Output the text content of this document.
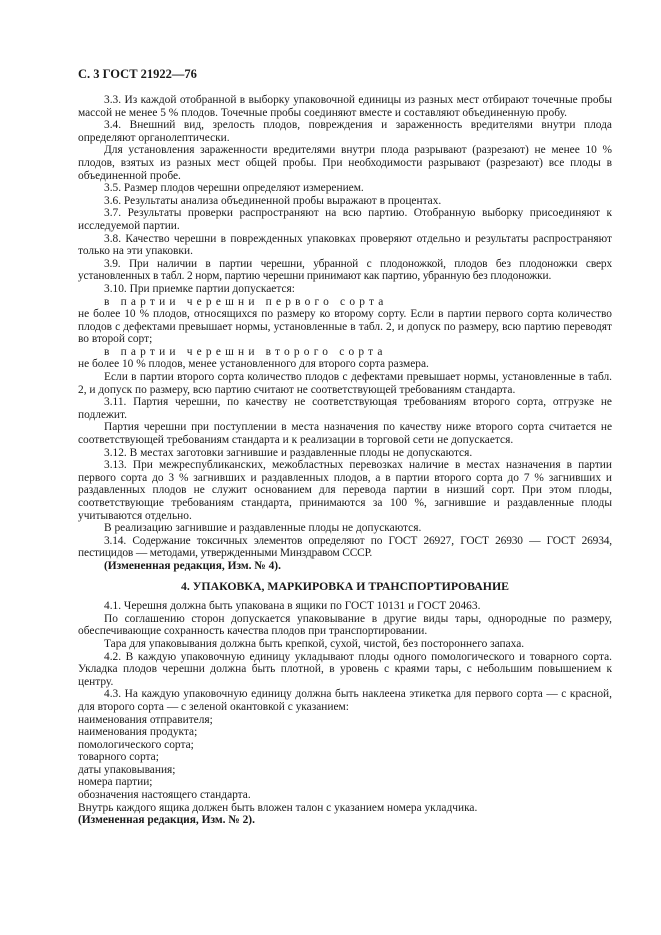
С. 3 ГОСТ 21922—76

3.3. Из каждой отобранной в выборку упаковочной единицы из разных мест отбирают точечные пробы массой не менее 5 % плодов. Точечные пробы соединяют вместе и составляют объединенную пробу.

3.4. Внешний вид, зрелость плодов, повреждения и зараженность вредителями внутри плода определяют органолептически.

Для установления зараженности вредителями внутри плода разрывают (разрезают) не менее 10 % плодов, взятых из разных мест общей пробы. При необходимости разрывают (разрезают) все плоды в объединенной пробе.

3.5. Размер плодов черешни определяют измерением.

3.6. Результаты анализа объединенной пробы выражают в процентах.

3.7. Результаты проверки распространяют на всю партию. Отобранную выборку присоединяют к исследуемой партии.

3.8. Качество черешни в поврежденных упаковках проверяют отдельно и результаты распространяют только на эти упаковки.

3.9. При наличии в партии черешни, убранной с плодоножкой, плодов без плодоножки сверх установленных в табл. 2 норм, партию черешни принимают как партию, убранную без плодоножки.

3.10. При приемке партии допускается:

в партии черешни первого сорта

не более 10 % плодов, относящихся по размеру ко второму сорту. Если в партии первого сорта количество плодов с дефектами превышает нормы, установленные в табл. 2, и допуск по размеру, всю партию переводят во второй сорт;

в партии черешни второго сорта

не более 10 % плодов, менее установленного для второго сорта размера.

Если в партии второго сорта количество плодов с дефектами превышает нормы, установленные в табл. 2, и допуск по размеру, всю партию считают не соответствующей требованиям стандарта.

3.11. Партия черешни, по качеству не соответствующая требованиям второго сорта, отгрузке не подлежит.

Партия черешни при поступлении в места назначения по качеству ниже второго сорта считается не соответствующей требованиям стандарта и к реализации в торговой сети не допускается.

3.12. В местах заготовки загнившие и раздавленные плоды не допускаются.

3.13. При межреспубликанских, межобластных перевозках наличие в местах назначения в партии первого сорта до 3 % загнивших и раздавленных плодов, а в партии второго сорта до 7 % загнивших и раздавленных плодов не служит основанием для перевода партии в низший сорт. При этом плоды, соответствующие требованиям стандарта, принимаются за 100 %, загнившие и раздавленные плоды учитываются отдельно.

В реализацию загнившие и раздавленные плоды не допускаются.

3.14. Содержание токсичных элементов определяют по ГОСТ 26927, ГОСТ 26930 — ГОСТ 26934, пестицидов — методами, утвержденными Минздравом СССР.

(Измененная редакция, Изм. № 4).

4. УПАКОВКА, МАРКИРОВКА И ТРАНСПОРТИРОВАНИЕ

4.1. Черешня должна быть упакована в ящики по ГОСТ 10131 и ГОСТ 20463.

По соглашению сторон допускается упаковывание в другие виды тары, однородные по размеру, обеспечивающие сохранность качества плодов при транспортировании.

Тара для упаковывания должна быть крепкой, сухой, чистой, без постороннего запаха.

4.2. В каждую упаковочную единицу укладывают плоды одного помологического и товарного сорта. Укладка плодов черешни должна быть плотной, в уровень с краями тары, с небольшим повышением к центру.

4.3. На каждую упаковочную единицу должна быть наклеена этикетка для первого сорта — с красной, для второго сорта — с зеленой окантовкой с указанием:

наименования отправителя;

наименования продукта;

помологического сорта;

товарного сорта;

даты упаковывания;

номера партии;

обозначения настоящего стандарта.

Внутрь каждого ящика должен быть вложен талон с указанием номера укладчика.

(Измененная редакция, Изм. № 2).
